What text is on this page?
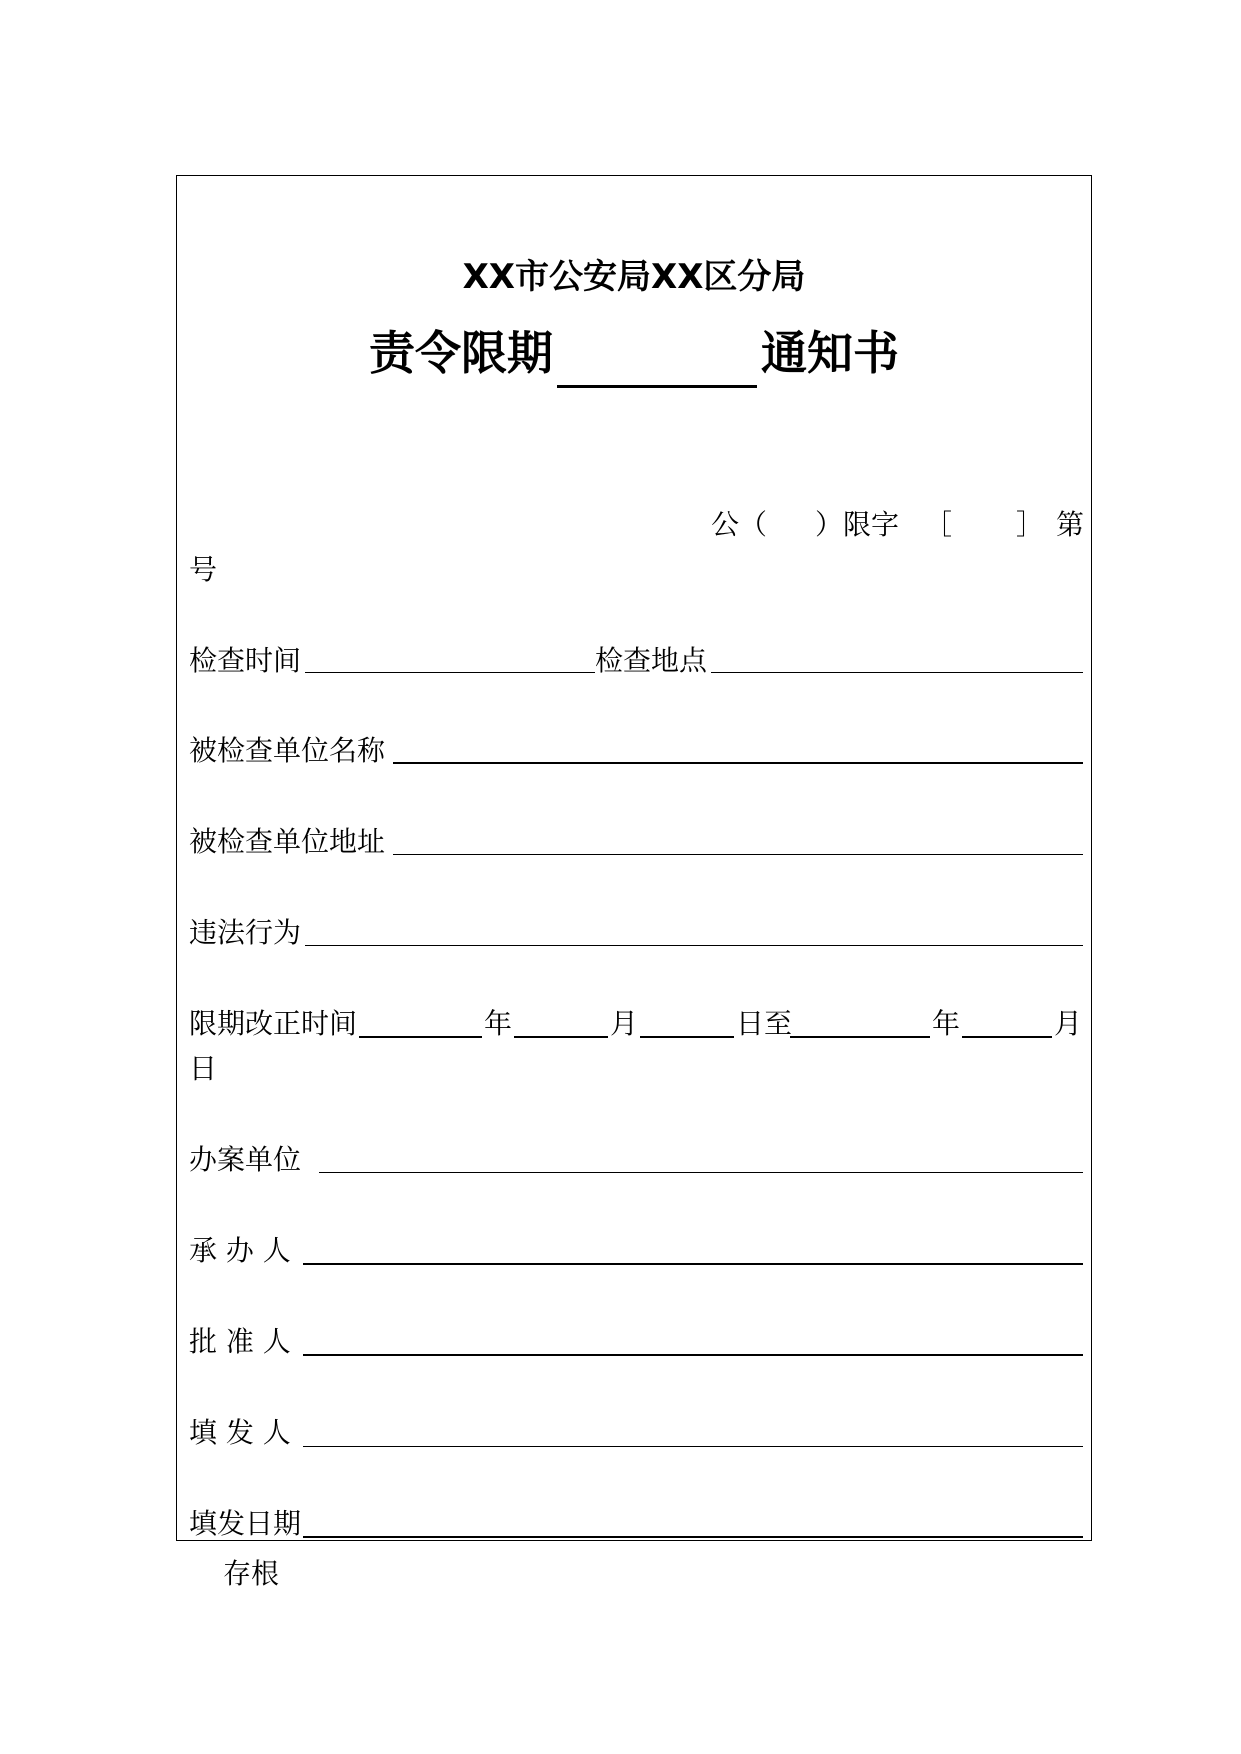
XX市公安局XX区分局
责令限期	通知书
公（ ）限字 ［ ］ 第
号
检查时间	检查地点
被检查单位名称
被检查单位地址
违法行为
限期改正时间	年	月	日至	年	月
日
办案单位
承 办 人
批 准 人
填 发 人
填发日期
存根
